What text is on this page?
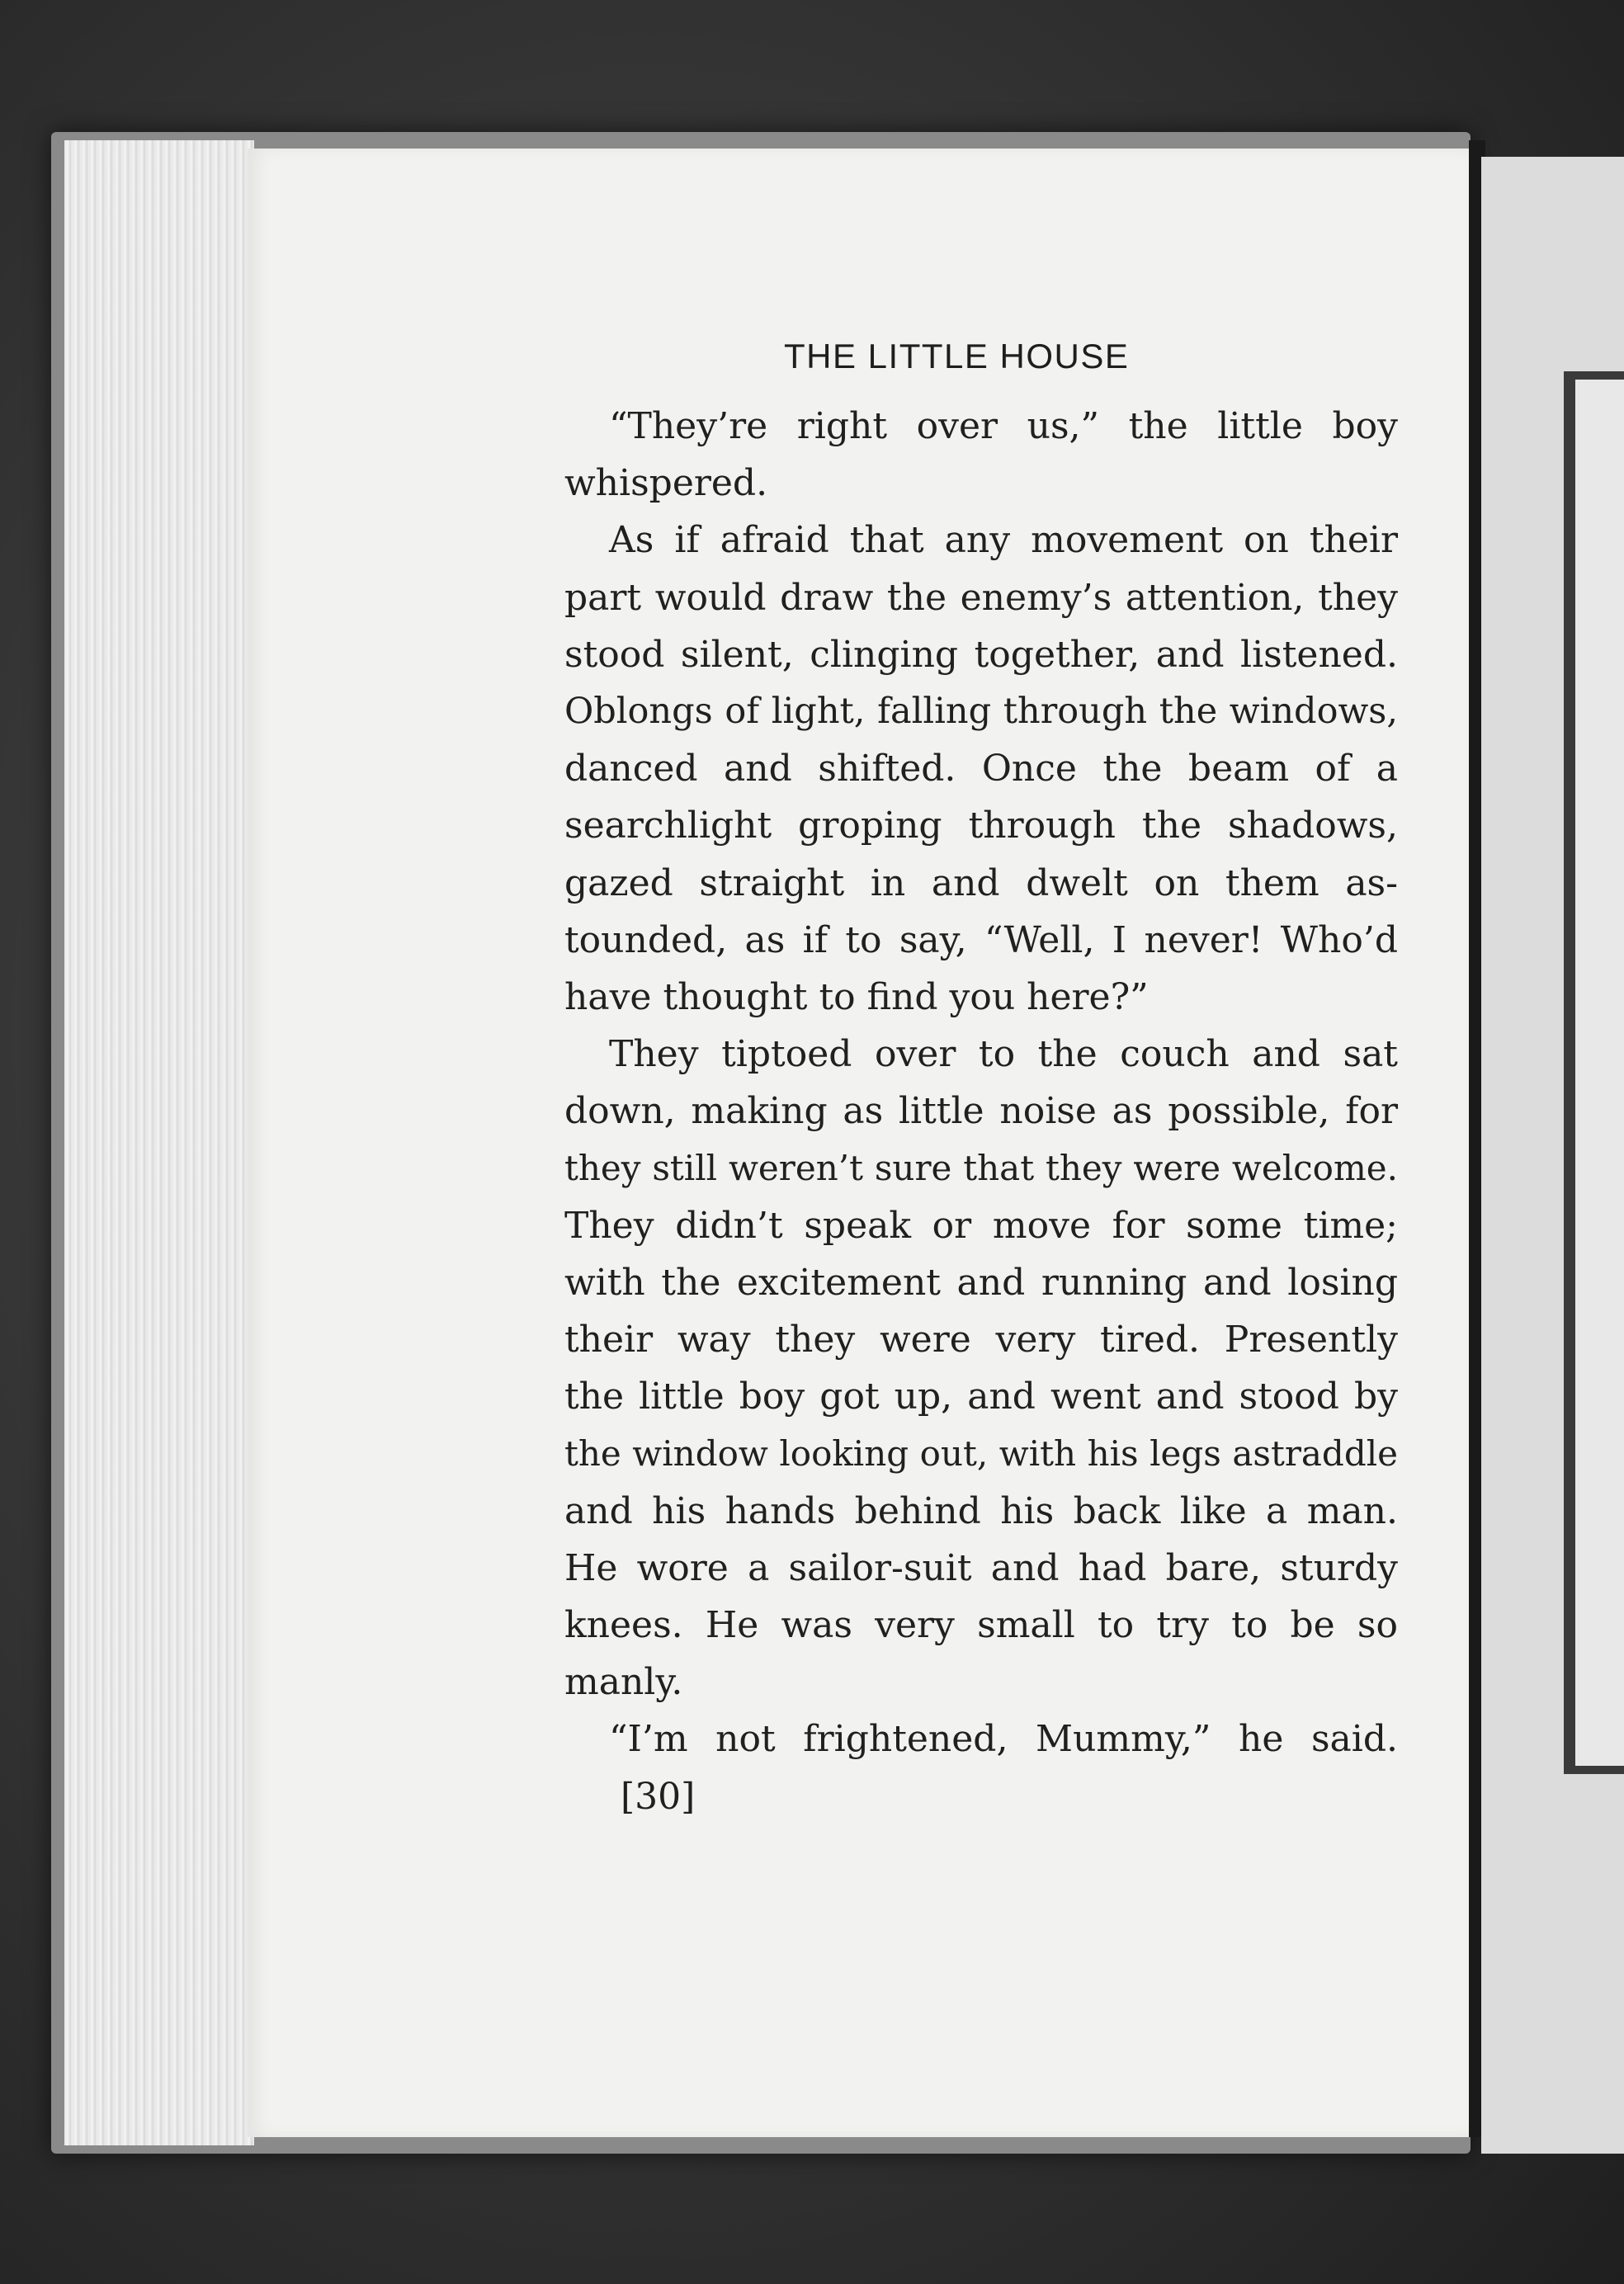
THE LITTLE HOUSE
“They’re right over us,” the little boy
whispered.
As if afraid that any movement on their
part would draw the enemy’s attention, they
stood silent, clinging together, and listened.
Oblongs of light, falling through the windows,
danced and shifted. Once the beam of a
searchlight groping through the shadows,
gazed straight in and dwelt on them as-
tounded, as if to say, “Well, I never! Who’d
have thought to find you here?”
They tiptoed over to the couch and sat
down, making as little noise as possible, for
they still weren’t sure that they were welcome.
They didn’t speak or move for some time;
with the excitement and running and losing
their way they were very tired. Presently
the little boy got up, and went and stood by
the window looking out, with his legs astraddle
and his hands behind his back like a man.
He wore a sailor-suit and had bare, sturdy
knees. He was very small to try to be so
manly.
“I’m not frightened, Mummy,” he said.
[30]
